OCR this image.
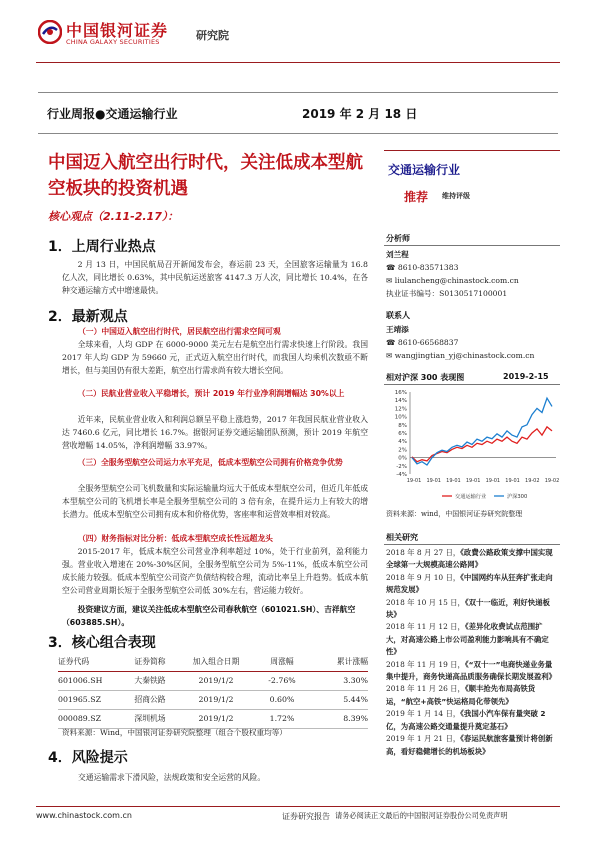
中国银河证券
CHINA GALAXY SECURITIES	研究院
行业周报●交通运输行业	2019 年 2 月 18 日
中国迈入航空出行时代，关注低成本型航空板块的投资机遇
核心观点（2.11-2.17）：
1．上周行业热点
2 月 13 日，中国民航局召开新闻发布会，春运前 23 天，全国旅客运输量为 16.8 亿人次，同比增长 0.63%，其中民航运送旅客 4147.3 万人次，同比增长 10.4%，在各种交通运输方式中增速最快。
2．最新观点
（一）中国迈入航空出行时代，居民航空出行需求空间可观
全球来看，人均 GDP 在 6000-9000 美元左右是航空出行需求快速上行阶段。我国 2017 年人均 GDP 为 59660 元，正式迈入航空出行时代，而我国人均乘机次数亟不断增长，但与美国仍有很大差距，航空出行需求尚有较大增长空间。
（二）民航业营业收入平稳增长，预计 2019 年行业净利润增幅达 30%以上
近年来，民航业营业收入和利润总额呈平稳上涨趋势，2017 年我国民航业营业收入达 7460.6 亿元，同比增长 16.7%。据银河证券交通运输团队预测，预计 2019 年航空营收增幅 14.05%，净利润增幅 33.97%。
（三）全服务型航空公司运力水平充足，低成本型航空公司拥有价格竞争优势
全服务型航空公司飞机数量和实际运输量均远大于低成本型航空公司，但近几年低成本型航空公司的飞机增长率是全服务型航空公司的 3 倍有余，在提升运力上有较大的增长潜力。低成本型航空公司拥有成本和价格优势，客座率和运营效率相对较高。
（四）财务指标对比分析：低成本型航空成长性远超龙头
2015-2017 年，低成本航空公司营业净利率超过 10%，处于行业前列，盈利能力强。营业收入增速在 20%-30%区间，全服务型航空公司为 5%-11%，低成本航空公司成长能力较强。低成本型航空公司资产负债结构较合理，流动比率呈上升趋势。低成本航空公司营业周期长短于全服务型航空公司低 30%左右，营运能力较好。
投资建议方面，建议关注低成本型航空公司春秋航空（601021.SH）、吉祥航空（603885.SH）。
3．核心组合表现
证券代码	证券简称	加入组合日期	周涨幅	累计涨幅
601006.SH	大秦铁路	2019/1/2	-2.76%	3.30%
001965.SZ	招商公路	2019/1/2	0.60%	5.44%
000089.SZ	深圳机场	2019/1/2	1.72%	8.39%
资料来源：Wind，中国银河证券研究院整理（组合个股权重均等）
4．风险提示
交通运输需求下滑风险，法规政策和安全运营的风险。
交通运输行业
推荐 维持评级
分析师
刘兰程
☎ 8610-83571383
✉ liulancheng@chinastock.com.cn
执业证书编号：S0130517100001
联系人
王靖添
☎ 8610-66568837
✉ wangjingtian_yj@chinastock.com.cn
相对沪深 300 表现图	2019-2-15
16%
14%
12%
10%
8%
6%
4%
2%
0%
-2%
-4%
19-01 19-01 19-01 19-01 19-01 19-01 19-02 19-02
交通运输行业	沪深300
资料来源：wind，中国银河证券研究院整理
相关研究
2018 年 8 月 27 日，《政費公路政策支撑中国实现全球第一大规模高速公路网》
2018 年 9 月 10 日，《中国网约车从狂奔扩张走向规范发展》
2018 年 10 月 15 日，《双十一临近，利好快递板块》
2018 年 11 月 12 日，《差异化收费试点范围扩大，对高速公路上市公司盈利能力影响具有不确定性》
2018 年 11 月 19 日，《“双十一”电商快递业务量集中提升，商务快递高品质服务确保长期发展盈利》
2018 年 11 月 26 日，《顺丰抢先布局高铁货运，“航空+高铁”快运格局化带领先》
2019 年 1 月 14 日，《我国小汽车保有量突破 2 亿，为高速公路交通量提升奠定基石》
2019 年 1 月 21 日，《春运民航旅客量预计将创新高，看好稳健增长的机场板块》
www.chinastock.com.cn	证券研究报告 请务必阅读正文最后的中国银河证券股份公司免责声明
